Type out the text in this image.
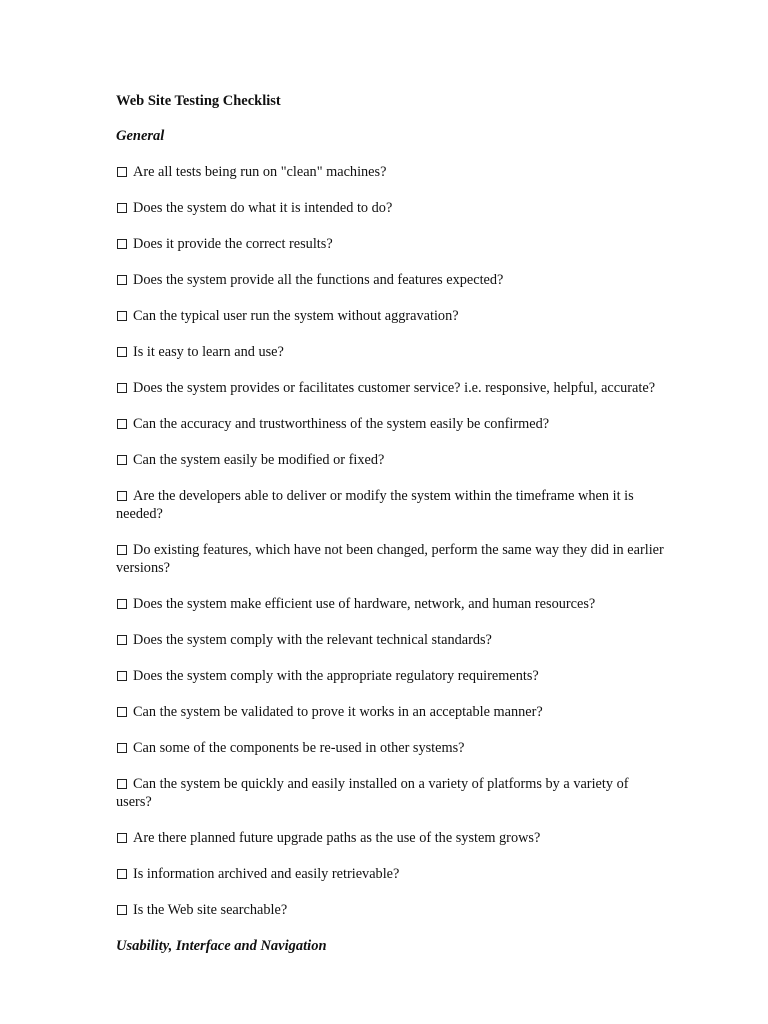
Web Site Testing Checklist
General
Are all tests being run on "clean" machines?
Does the system do what it is intended to do?
Does it provide the correct results?
Does the system provide all the functions and features expected?
Can the typical user run the system without aggravation?
Is it easy to learn and use?
Does the system provides or facilitates customer service? i.e. responsive, helpful, accurate?
Can the accuracy and trustworthiness of the system easily be confirmed?
Can the system easily be modified or fixed?
Are the developers able to deliver or modify the system within the timeframe when it is needed?
Do existing features, which have not been changed, perform the same way they did in earlier versions?
Does the system make efficient use of hardware, network, and human resources?
Does the system comply with the relevant technical standards?
Does the system comply with the appropriate regulatory requirements?
Can the system be validated to prove it works in an acceptable manner?
Can some of the components be re-used in other systems?
Can the system be quickly and easily installed on a variety of platforms by a variety of users?
Are there planned future upgrade paths as the use of the system grows?
Is information archived and easily retrievable?
Is the Web site searchable?
Usability, Interface and Navigation
